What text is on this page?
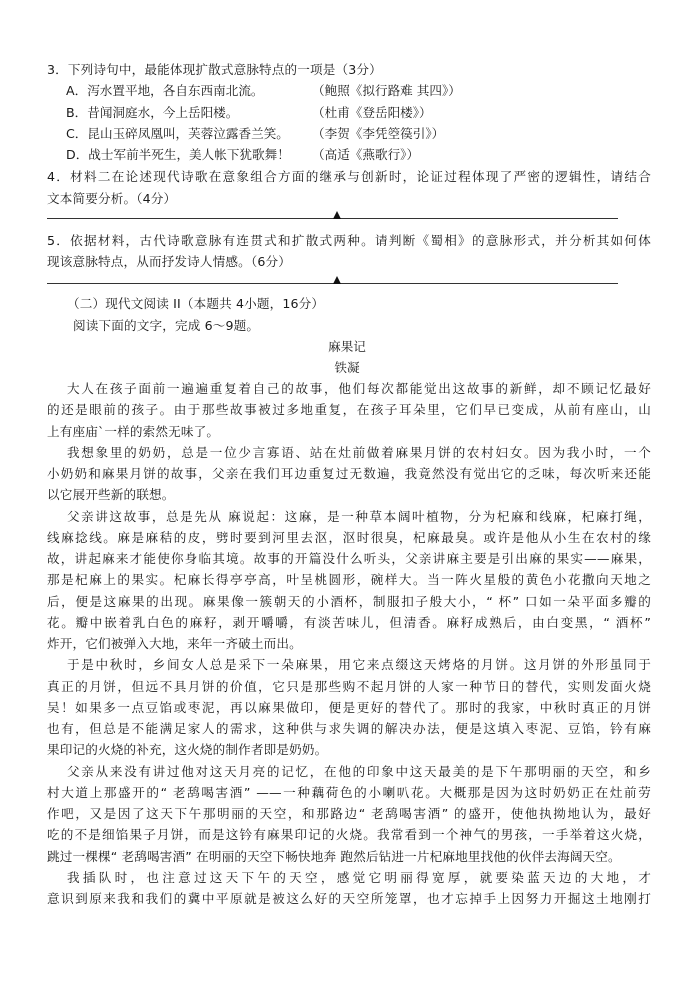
3．下列诗句中，最能体现扩散式意脉特点的一项是（3分）
A．泻水置平地，各自东西南北流。	（鲍照《拟行路难 其四》）
B．昔闻洞庭水，今上岳阳楼。	（杜甫《登岳阳楼》）
C．昆山玉碎凤凰叫，芙蓉泣露香兰笑。 （李贺《李凭箜篌引》）
D．战士军前半死生，美人帐下犹歌舞！ （高适《燕歌行》）
4．材料二在论述现代诗歌在意象组合方面的继承与创新时，论证过程体现了严密的逻辑性，请结合
文本简要分析。（4分）
5．依据材料，古代诗歌意脉有连贯式和扩散式两种。请判断《蜀相》的意脉形式，并分析其如何体
现该意脉特点，从而抒发诗人情感。（6分）
（二）现代文阅读 II（本题共 4小题，16分）
阅读下面的文字，完成 6～9题。
麻果记
铁凝
大人在孩子面前一遍遍重复着自己的故事，他们每次都能觉出这故事的新鲜，却不顾记忆最好
的还是眼前的孩子。由于那些故事被过多地重复，在孩子耳朵里，它们早已变成，从前有座山，山
上有座庙`一样的索然无味了。
我想象里的奶奶，总是一位少言寡语、站在灶前做着麻果月饼的农村妇女。因为我小时，一个
小奶奶和麻果月饼的故事，父亲在我们耳边重复过无数遍，我竟然没有觉出它的乏味，每次听来还能
以它展开些新的联想。
父亲讲这故事，总是先从 麻说起：这麻，是一种草本阔叶植物，分为杞麻和线麻，杞麻打绳，
线麻捻线。麻是麻秸的皮，劈时要到河里去沤，沤时很臭，杞麻最臭。或许是他从小生在农村的缘
故，讲起麻来才能使你身临其境。故事的开篇没什么听头，父亲讲麻主要是引出麻的果实——麻果，
那是杞麻上的果实。杞麻长得亭亭高，叶呈桃圆形，碗样大。当一阵火星般的黄色小花撒向天地之
后，便是这麻果的出现。麻果像一簇朝天的小酒杯，制服扣子般大小，“ 杯” 口如一朵平面多瓣的
花。瓣中嵌着乳白色的麻籽，剥开嚼嚼，有淡苦味儿，但清香。麻籽成熟后，由白变黑，“ 酒杯”
炸开，它们被弹入大地，来年一齐破土而出。
于是中秋时，乡间女人总是采下一朵麻果，用它来点缀这天烤烙的月饼。这月饼的外形虽同于
真正的月饼，但远不具月饼的价值，它只是那些购不起月饼的人家一种节日的替代，实则发面火烧
吴！如果多一点豆馅或枣泥，再以麻果做印，便是更好的替代了。那时的我家，中秋时真正的月饼
也有，但总是不能满足家人的需求，这种供与求失调的解决办法，便是这填入枣泥、豆馅，钤有麻
果印记的火烧的补充，这火烧的制作者即是奶奶。
父亲从来没有讲过他对这天月亮的记忆，在他的印象中这天最美的是下午那明丽的天空，和乡
村大道上那盛开的“ 老鸹喝害酒” ——一种藕荷色的小喇叭花。大概那是因为这时奶奶正在灶前劳
作吧，又是因了这天下午那明丽的天空，和那路边“ 老鸹喝害酒” 的盛开，使他执拗地认为，最好
吃的不是细馅果子月饼，而是这钤有麻果印记的火烧。我常看到一个神气的男孩，一手举着这火烧，
跳过一棵棵“ 老鸹喝害酒” 在明丽的天空下畅快地奔 跑然后钻进一片杞麻地里找他的伙伴去海阔天空。
我插队时，也注意过这天下午的天空，感觉它明丽得宽厚，就要染蓝天边的大地，才
意识到原来我和我们的冀中平原就是被这么好的天空所笼罩，也才忘掉手上因努力开掘这土地刚打
